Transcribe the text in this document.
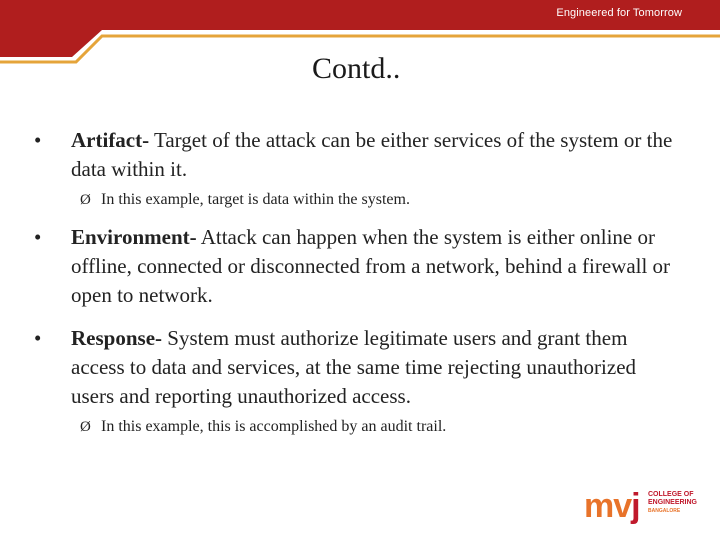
Engineered for Tomorrow
Contd..
• Artifact- Target of the attack can be either services of the system or the data within it.
Ø In this example, target is data within the system.
• Environment- Attack can happen when the system is either online or offline, connected or disconnected from a network, behind a firewall or open to network.
• Response- System must authorize legitimate users and grant them access to data and services, at the same time rejecting unauthorized users and reporting unauthorized access.
Ø In this example, this is accomplished by an audit trail.
mvj COLLEGE OF
ENGINEERING
BANGALORE
